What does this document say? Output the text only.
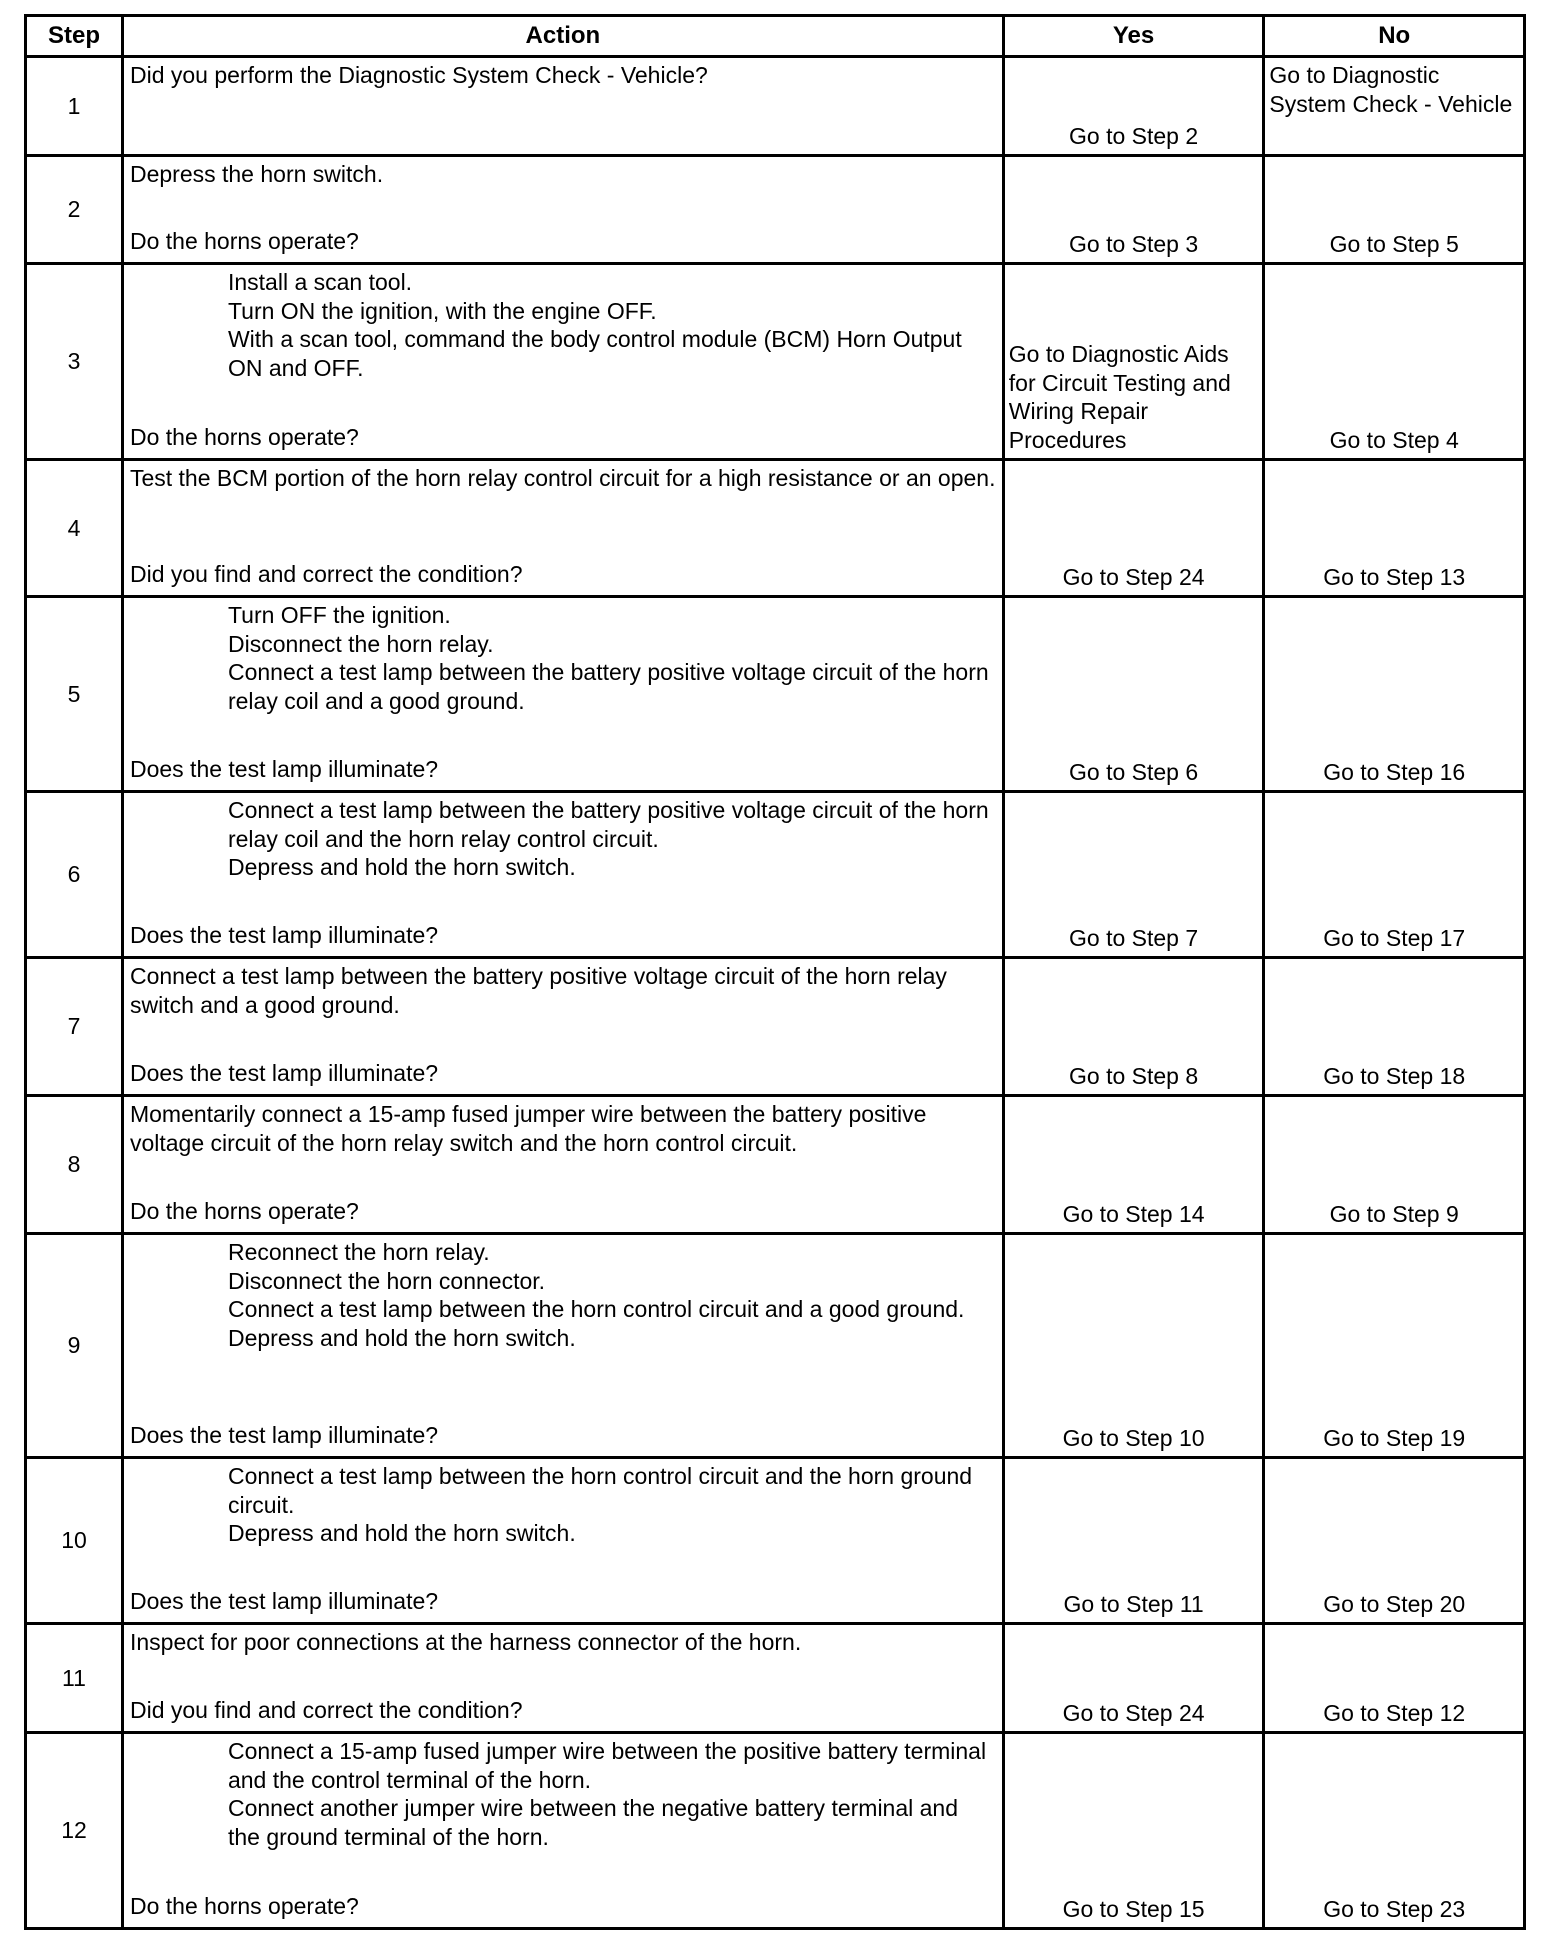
Step	Action	Yes	No
1	Did you perform the Diagnostic System Check - Vehicle?	Go to Step 2	Go to Diagnostic System Check - Vehicle

2	Depress the horn switch.
Do the horns operate?	Go to Step 3	Go to Step 5

3	Install a scan tool.
Turn ON the ignition, with the engine OFF.
With a scan tool, command the body control module (BCM) Horn Output ON and OFF.
Do the horns operate?	Go to Diagnostic Aids for Circuit Testing and Wiring Repair Procedures	Go to Step 4

4	Test the BCM portion of the horn relay control circuit for a high resistance or an open.
Did you find and correct the condition?	Go to Step 24	Go to Step 13

5	Turn OFF the ignition.
Disconnect the horn relay.
Connect a test lamp between the battery positive voltage circuit of the horn relay coil and a good ground.
Does the test lamp illuminate?	Go to Step 6	Go to Step 16

6	Connect a test lamp between the battery positive voltage circuit of the horn relay coil and the horn relay control circuit.
Depress and hold the horn switch.
Does the test lamp illuminate?	Go to Step 7	Go to Step 17

7	Connect a test lamp between the battery positive voltage circuit of the horn relay switch and a good ground.
Does the test lamp illuminate?	Go to Step 8	Go to Step 18

8	Momentarily connect a 15-amp fused jumper wire between the battery positive voltage circuit of the horn relay switch and the horn control circuit.
Do the horns operate?	Go to Step 14	Go to Step 9

9	Reconnect the horn relay.
Disconnect the horn connector.
Connect a test lamp between the horn control circuit and a good ground.
Depress and hold the horn switch.
Does the test lamp illuminate?	Go to Step 10	Go to Step 19

10	Connect a test lamp between the horn control circuit and the horn ground circuit.
Depress and hold the horn switch.
Does the test lamp illuminate?	Go to Step 11	Go to Step 20

11	Inspect for poor connections at the harness connector of the horn.
Did you find and correct the condition?	Go to Step 24	Go to Step 12

12	Connect a 15-amp fused jumper wire between the positive battery terminal and the control terminal of the horn.
Connect another jumper wire between the negative battery terminal and the ground terminal of the horn.
Do the horns operate?	Go to Step 15	Go to Step 23
